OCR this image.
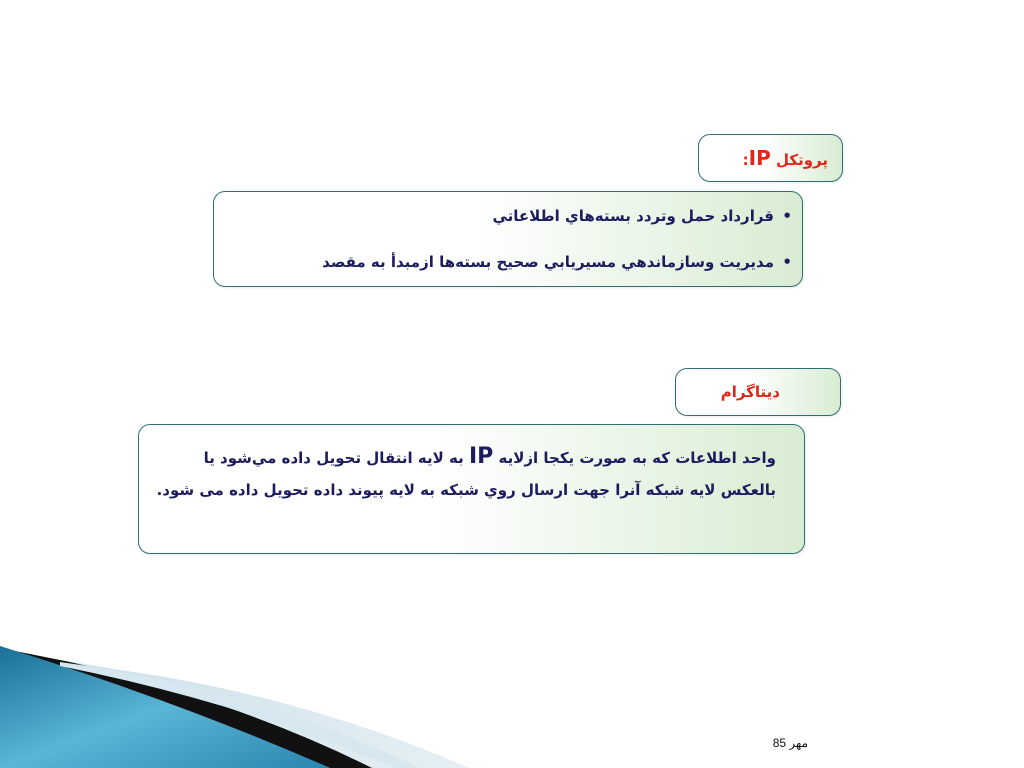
پروتكل IP:
•
قرارداد حمل وتردد بسته‌هاي اطلاعاتي
•
مديريت وسازماندهي مسيريابي صحيح بسته‌ها ازمبدأ به مقصد
ديتاگرام

واحد اطلاعات كه به صورت يكجا ازلايه IP به لايه انتقال تحويل داده مي‌شود يا بالعكس لايه شبكه آنرا جهت ارسال روي شبكه به لايه پيوند داده تحويل داده مى شود.

مهر 85
